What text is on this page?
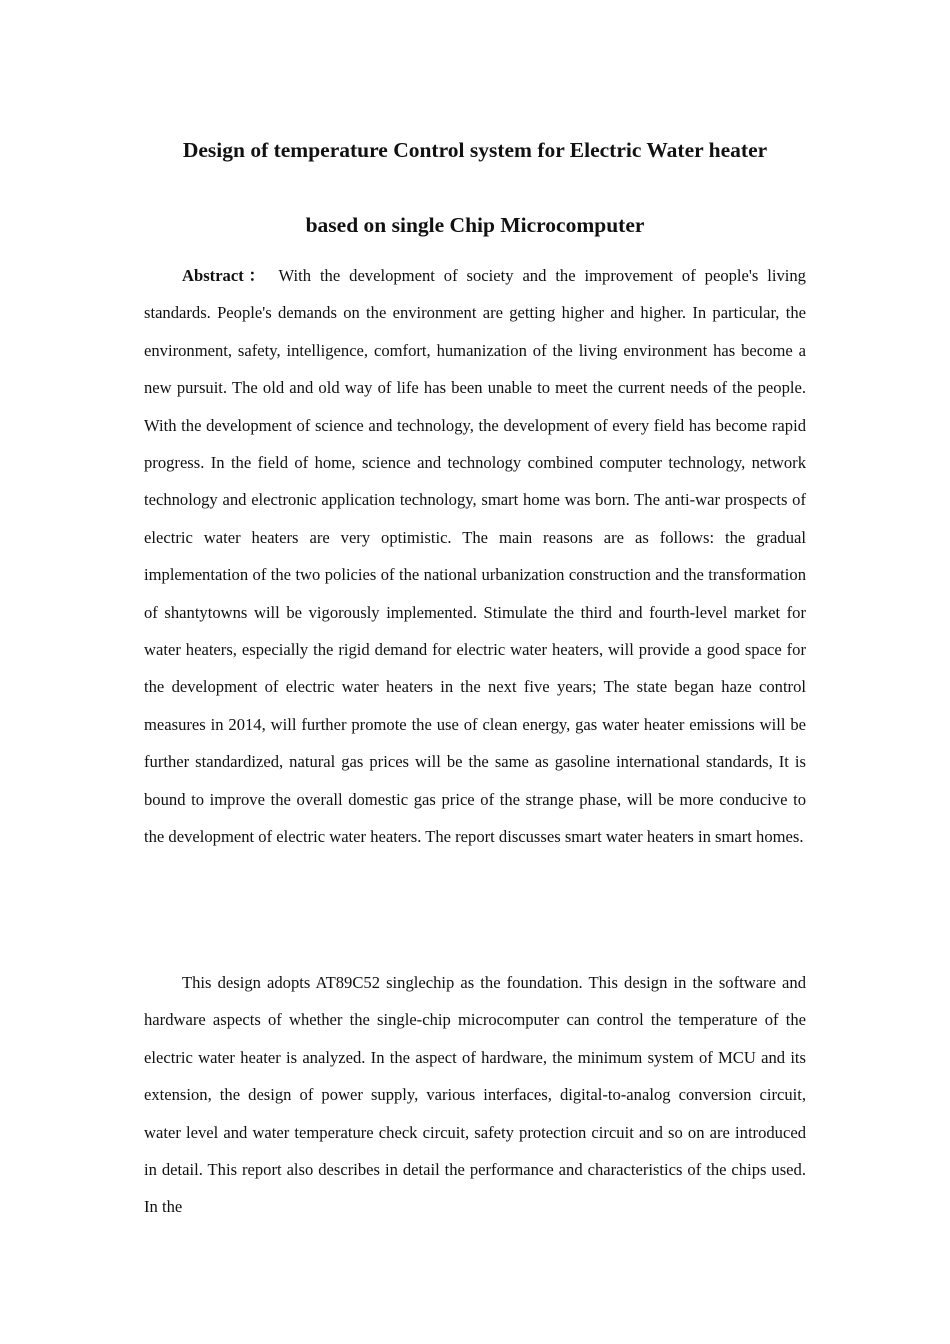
Design of temperature Control system for Electric Water heater
based on single Chip Microcomputer

Abstract： With the development of society and the improvement of people's living standards. People's demands on the environment are getting higher and higher. In particular, the environment, safety, intelligence, comfort, humanization of the living environment has become a new pursuit. The old and old way of life has been unable to meet the current needs of the people. With the development of science and technology, the development of every field has become rapid progress. In the field of home, science and technology combined computer technology, network technology and electronic application technology, smart home was born. The anti-war prospects of electric water heaters are very optimistic. The main reasons are as follows: the gradual implementation of the two policies of the national urbanization construction and the transformation of shantytowns will be vigorously implemented. Stimulate the third and fourth-level market for water heaters, especially the rigid demand for electric water heaters, will provide a good space for the development of electric water heaters in the next five years; The state began haze control measures in 2014, will further promote the use of clean energy, gas water heater emissions will be further standardized, natural gas prices will be the same as gasoline international standards, It is bound to improve the overall domestic gas price of the strange phase, will be more conducive to the development of electric water heaters. The report discusses smart water heaters in smart homes.

This design adopts AT89C52 singlechip as the foundation. This design in the software and hardware aspects of whether the single-chip microcomputer can control the temperature of the electric water heater is analyzed. In the aspect of hardware, the minimum system of MCU and its extension, the design of power supply, various interfaces, digital-to-analog conversion circuit, water level and water temperature check circuit, safety protection circuit and so on are introduced in detail. This report also describes in detail the performance and characteristics of the chips used. In the
